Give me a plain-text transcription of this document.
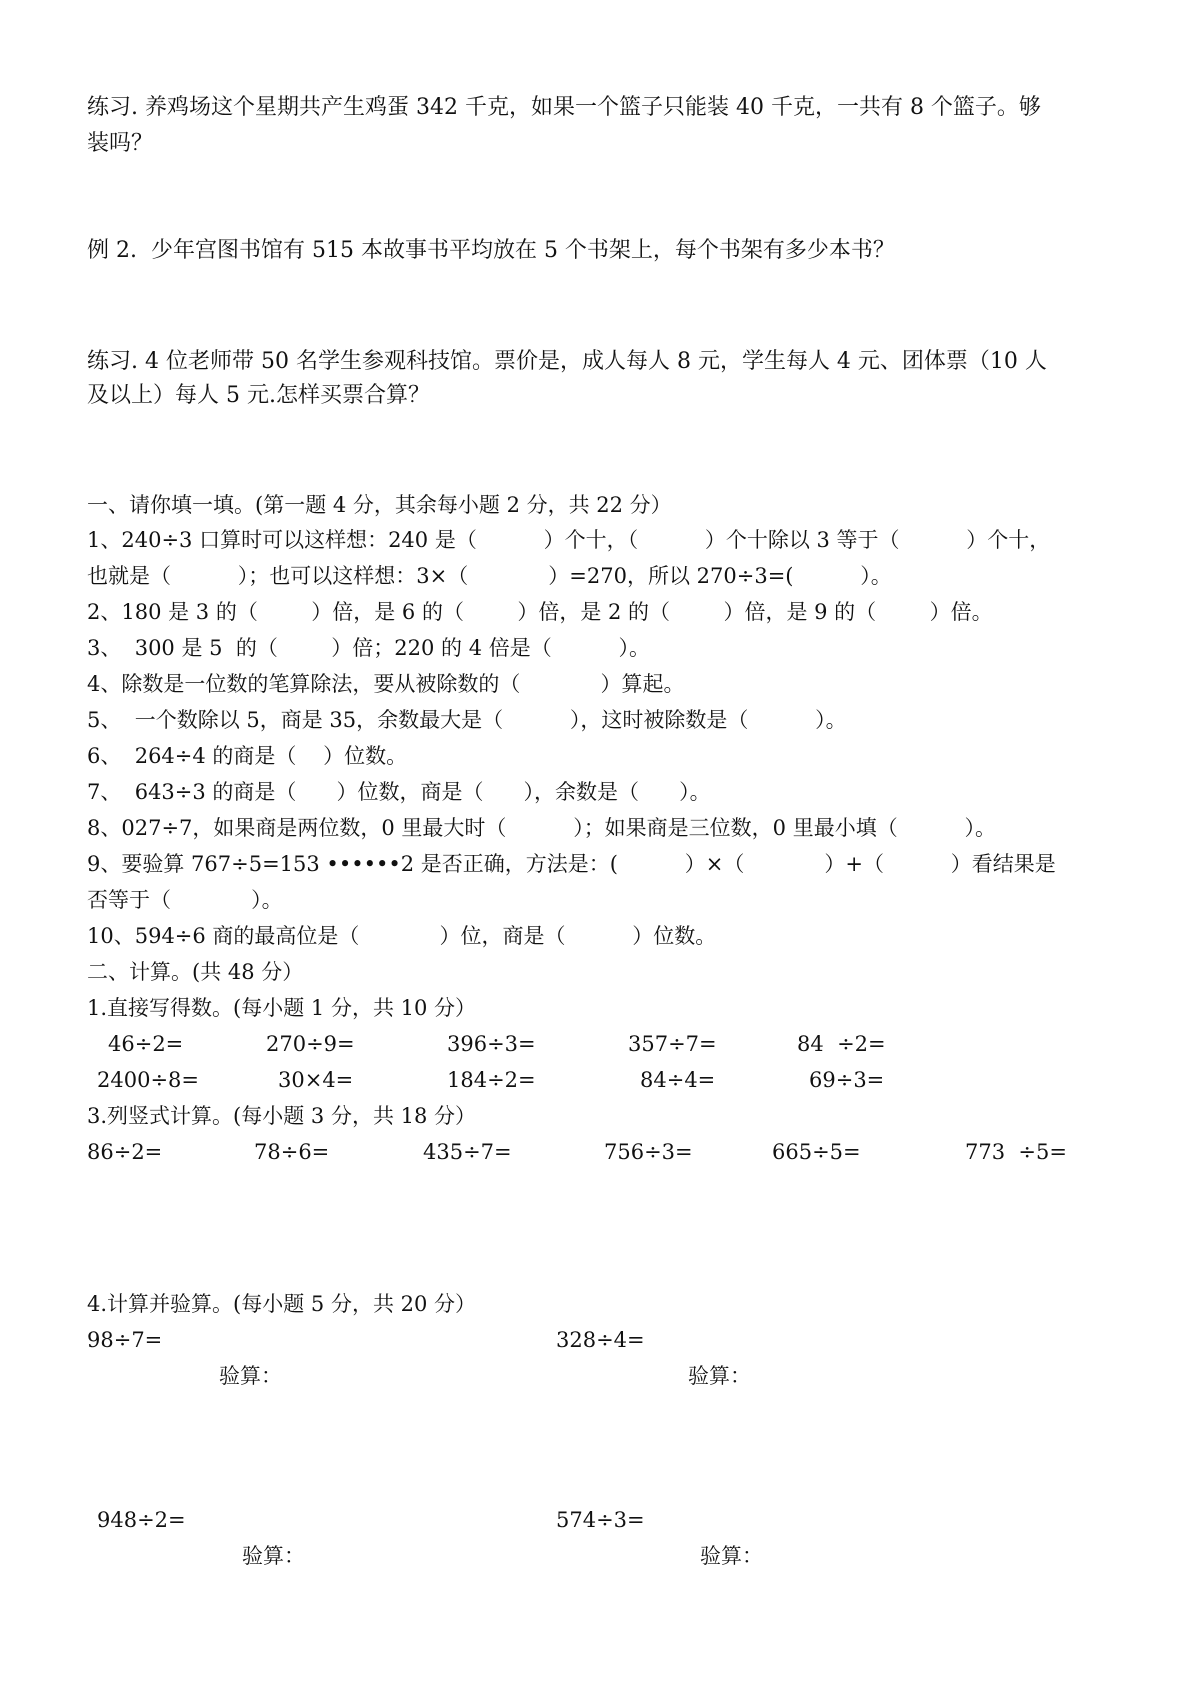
练习. 养鸡场这个星期共产生鸡蛋 342 千克，如果一个篮子只能装 40 千克，一共有 8 个篮子。够
装吗？
例 2.  少年宫图书馆有 515 本故事书平均放在 5 个书架上，每个书架有多少本书？
练习. 4 位老师带 50 名学生参观科技馆。票价是，成人每人 8 元，学生每人 4 元、团体票（10 人
及以上）每人 5 元.怎样买票合算？
一、请你填一填。(第一题 4 分，其余每小题 2 分，共 22 分）
1、240÷3 口算时可以这样想：240 是（          ）个十，（          ）个十除以 3 等于（          ）个十，
也就是（          ）；也可以这样想：3×（            ）=270，所以 270÷3=(          ）。
2、180 是 3 的（        ）倍，是 6 的（        ）倍，是 2 的（        ）倍，是 9 的（        ）倍。
3、  300 是 5  的（        ）倍；220 的 4 倍是（          ）。
4、除数是一位数的笔算除法，要从被除数的（            ）算起。
5、  一个数除以 5，商是 35，余数最大是（          ），这时被除数是（          ）。
6、  264÷4 的商是（    ）位数。
7、  643÷3 的商是（      ）位数，商是（      ），余数是（      ）。
8、027÷7，如果商是两位数，0 里最大时（          ）；如果商是三位数，0 里最小填（          ）。
9、要验算 767÷5=153 ••••••2 是否正确，方法是：(          ）×（            ）+（          ）看结果是
否等于（            ）。
10、594÷6 商的最高位是（            ）位，商是（          ）位数。
二、计算。(共 48 分）
1.直接写得数。(每小题 1 分，共 10 分）
46÷2=	270÷9=	396÷3=	357÷7=	84  ÷2=
2400÷8=	30×4=	184÷2=	84÷4=	69÷3=
3.列竖式计算。(每小题 3 分，共 18 分）
86÷2=	78÷6=	435÷7=	756÷3=	665÷5=	773  ÷5=
4.计算并验算。(每小题 5 分，共 20 分）
98÷7=	328÷4=
验算：	验算：
948÷2=	574÷3=
验算：	验算：
